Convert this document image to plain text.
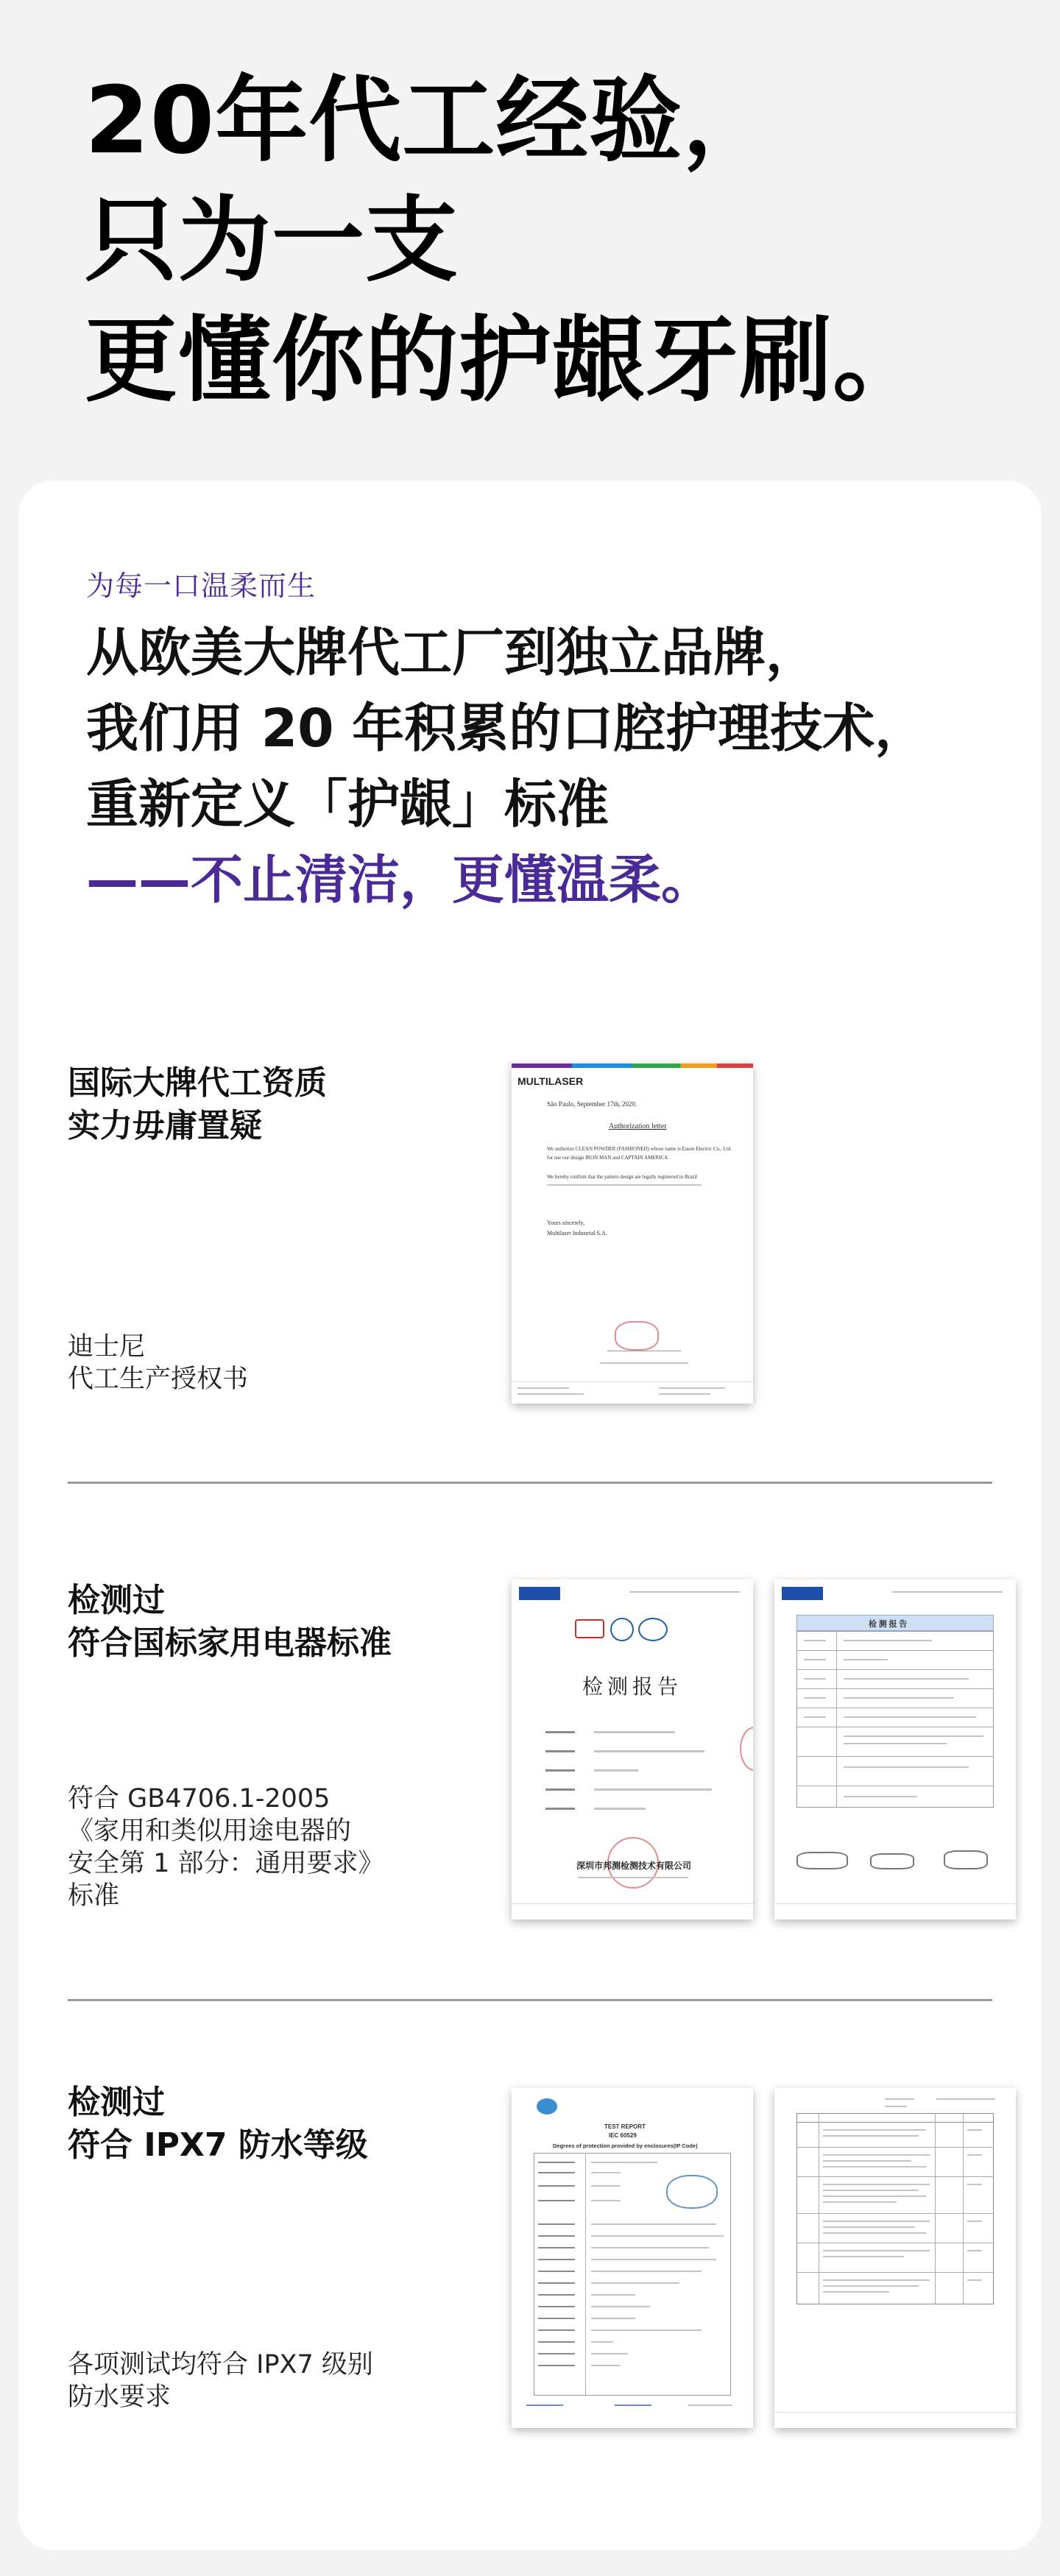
20年代工经验，
只为一支
更懂你的护龈牙刷。
为每一口温柔而生
从欧美大牌代工厂到独立品牌，
我们用 20 年积累的口腔护理技术，
重新定义「护龈」标准
——不止清洁，更懂温柔。
国际大牌代工资质
实力毋庸置疑
迪士尼
代工生产授权书
MULTILASER
São Paulo, September 17th, 2020.
Authorization letter
We authorize CLEAN POWDER (FASHIONED) whose name is Eason Electric Co., Ltd.
for use our design IRON MAN and CAPTAIN AMERICA
We hereby confirm that the pattern design are legally registered in Brazil
Yours sincerely,
Multilaser Industrial S.A.
检测过
符合国标家用电器标准
符合 GB4706.1-2005
《家用和类似用途电器的
安全第 1 部分：通用要求》
标准
检测报告
深圳市邦测检测技术有限公司
检 测 报 告
检测过
符合 IPX7 防水等级
各项测试均符合 IPX7 级别
防水要求
TEST REPORT
IEC 60529
Degrees of protection provided by enclosures(IP Code)
